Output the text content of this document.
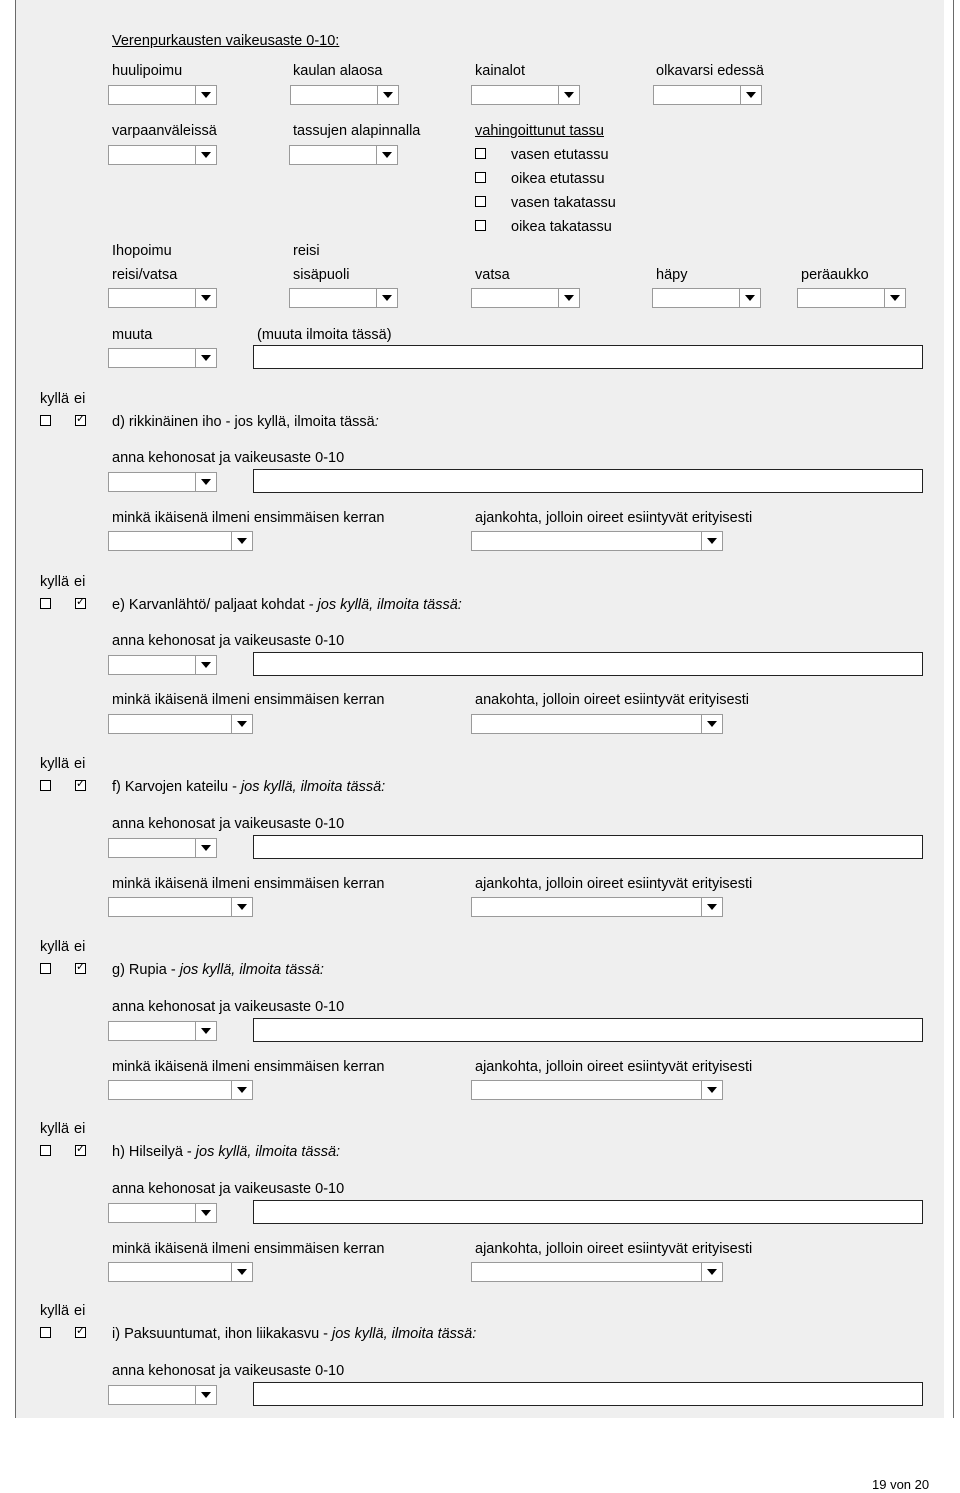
Verenpurkausten vaikeusaste 0-10:
huulipoimu	kaulan alaosa	kainalot	olkavarsi edessä
varpaanväleissä	tassujen alapinnalla	vahingoittunut tassu
vasen etutassu
oikea etutassu
vasen takatassu
oikea takatassu
Ihopoimu	reisi
reisi/vatsa	sisäpuoli	vatsa	häpy	peräaukko
muuta	(muuta ilmoita tässä)
kyllä ei
✓
d) rikkinäinen iho - jos kyllä, ilmoita tässä:
anna kehonosat ja vaikeusaste 0-10
minkä ikäisenä ilmeni ensimmäisen kerran	ajankohta, jolloin oireet esiintyvät erityisesti
kyllä ei
✓
e) Karvanlähtö/ paljaat kohdat - jos kyllä, ilmoita tässä:
anna kehonosat ja vaikeusaste 0-10
minkä ikäisenä ilmeni ensimmäisen kerran	anakohta, jolloin oireet esiintyvät erityisesti
kyllä ei
✓
f) Karvojen kateilu - jos kyllä, ilmoita tässä:
anna kehonosat ja vaikeusaste 0-10
minkä ikäisenä ilmeni ensimmäisen kerran	ajankohta, jolloin oireet esiintyvät erityisesti
kyllä ei
✓
g) Rupia - jos kyllä, ilmoita tässä:
anna kehonosat ja vaikeusaste 0-10
minkä ikäisenä ilmeni ensimmäisen kerran	ajankohta, jolloin oireet esiintyvät erityisesti
kyllä ei
✓
h) Hilseilyä - jos kyllä, ilmoita tässä:
anna kehonosat ja vaikeusaste 0-10
minkä ikäisenä ilmeni ensimmäisen kerran	ajankohta, jolloin oireet esiintyvät erityisesti
kyllä ei
✓
i) Paksuuntumat, ihon liikakasvu - jos kyllä, ilmoita tässä:
anna kehonosat ja vaikeusaste 0-10
19 von 20
